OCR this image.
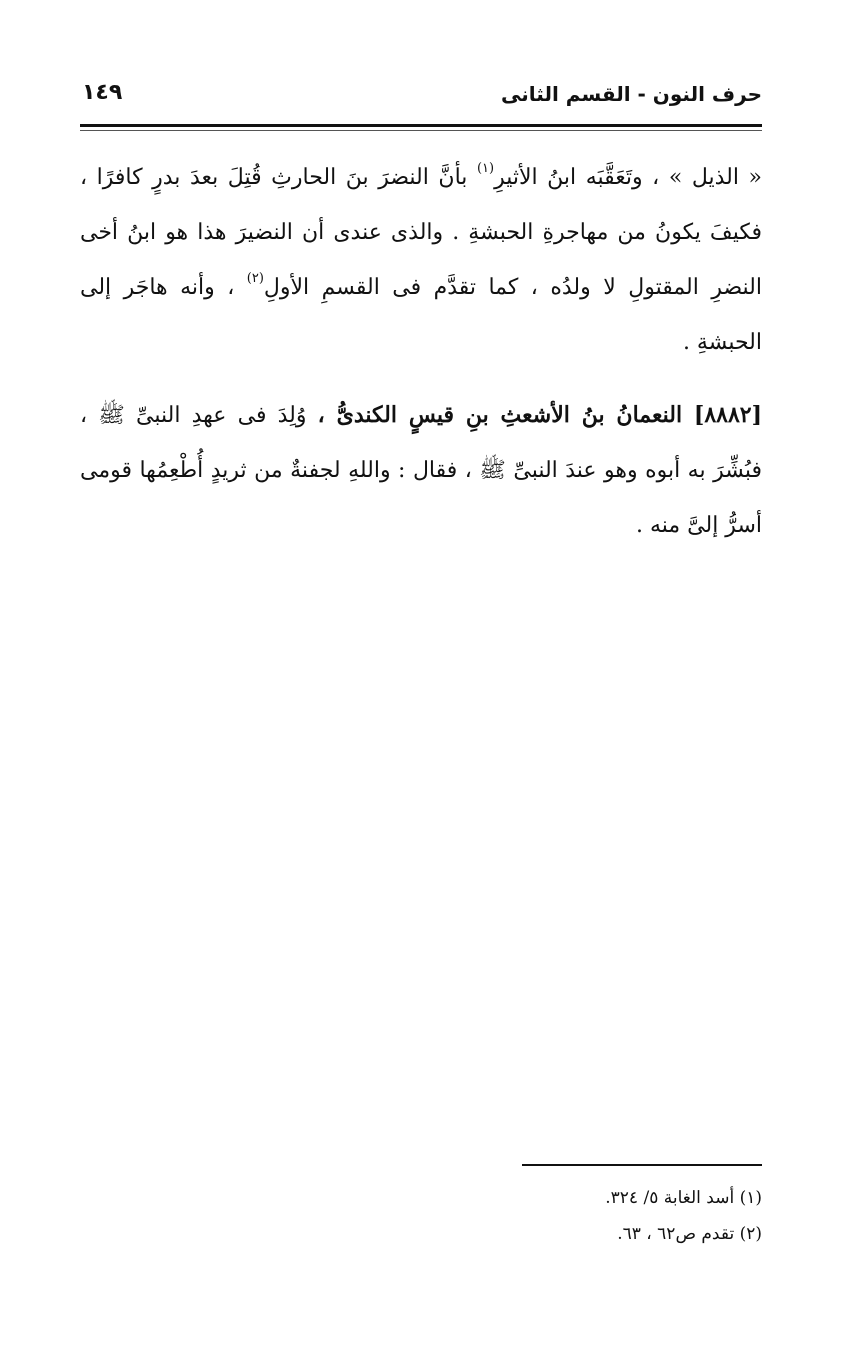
١٤٩	حرف النون - القسم الثانى

« الذيل » ، وتَعَقَّبَه ابنُ الأثيرِ$^{(١)}$ بأنَّ النضرَ بنَ الحارثِ قُتِلَ بعدَ بدرٍ كافرًا ، فكيفَ يكونُ من مهاجرةِ الحبشةِ . والذى عندى أن النضيرَ هذا هو ابنُ أخى النضرِ المقتولِ لا ولدُه ، كما تقدَّم فى القسمِ الأولِ$^{(٢)}$ ، وأنه هاجَر إلى الحبشةِ .

[٨٨٨٢] النعمانُ بنُ الأشعثِ بنِ قيسٍ الكندىُّ ، وُلِدَ فى عهدِ النبىِّ ﷺ ، فبُشِّرَ به أبوه وهو عندَ النبىِّ ﷺ ، فقال : واللهِ لجفنةٌ من ثريدٍ أُطْعِمُها قومى أسرُّ إلىَّ منه .

(١) أسد الغابة ٥/ ٣٢٤.

(٢) تقدم ص٦٢ ، ٦٣.
